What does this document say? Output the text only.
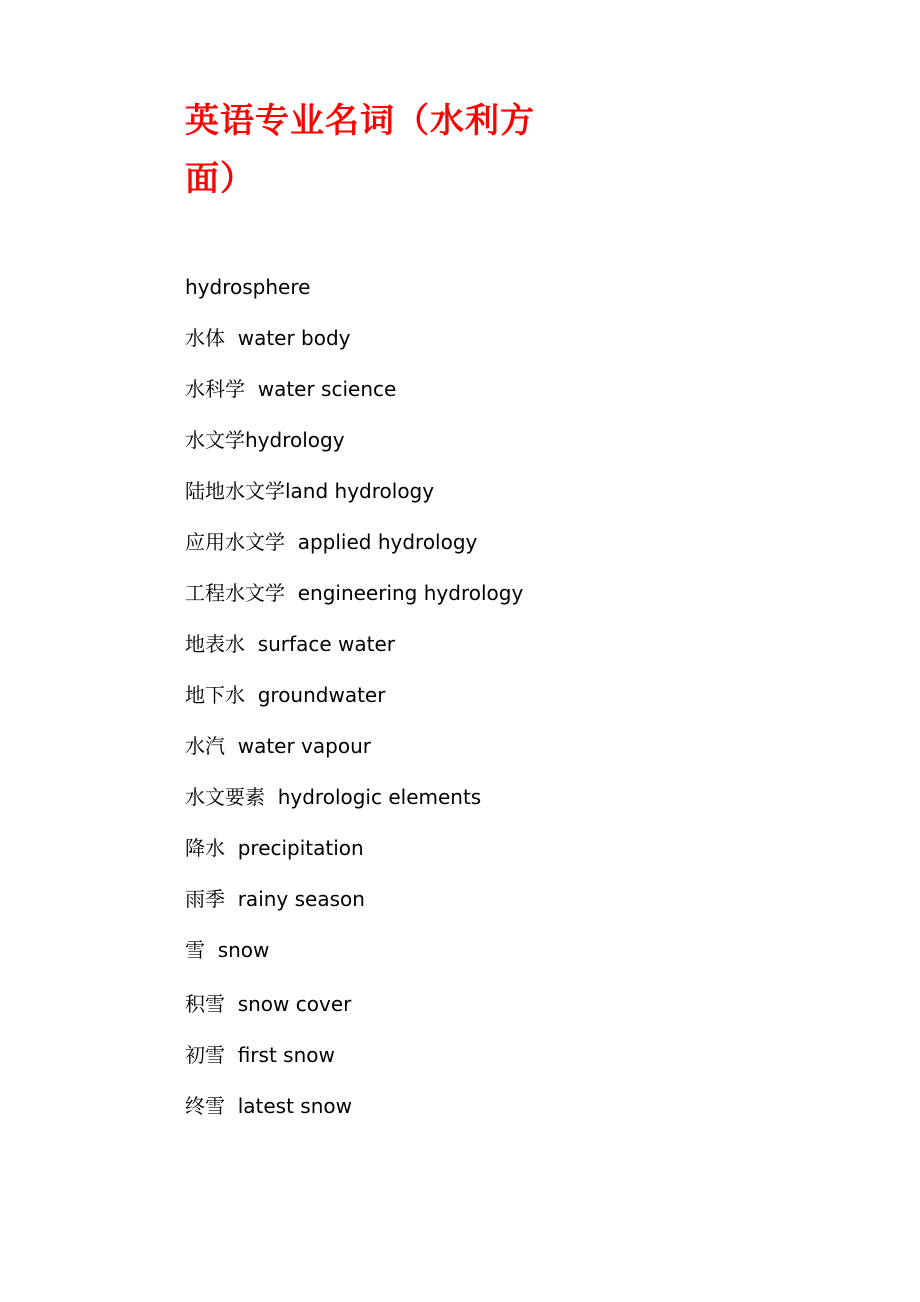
英语专业名词（水利方面）
hydrosphere
水体  water body
水科学  water science
水文学hydrology
陆地水文学land hydrology
应用水文学  applied hydrology
工程水文学  engineering hydrology
地表水  surface water
地下水  groundwater
水汽  water vapour
水文要素  hydrologic elements
降水  precipitation
雨季  rainy season
雪  snow
积雪  snow cover
初雪  first snow
终雪  latest snow
